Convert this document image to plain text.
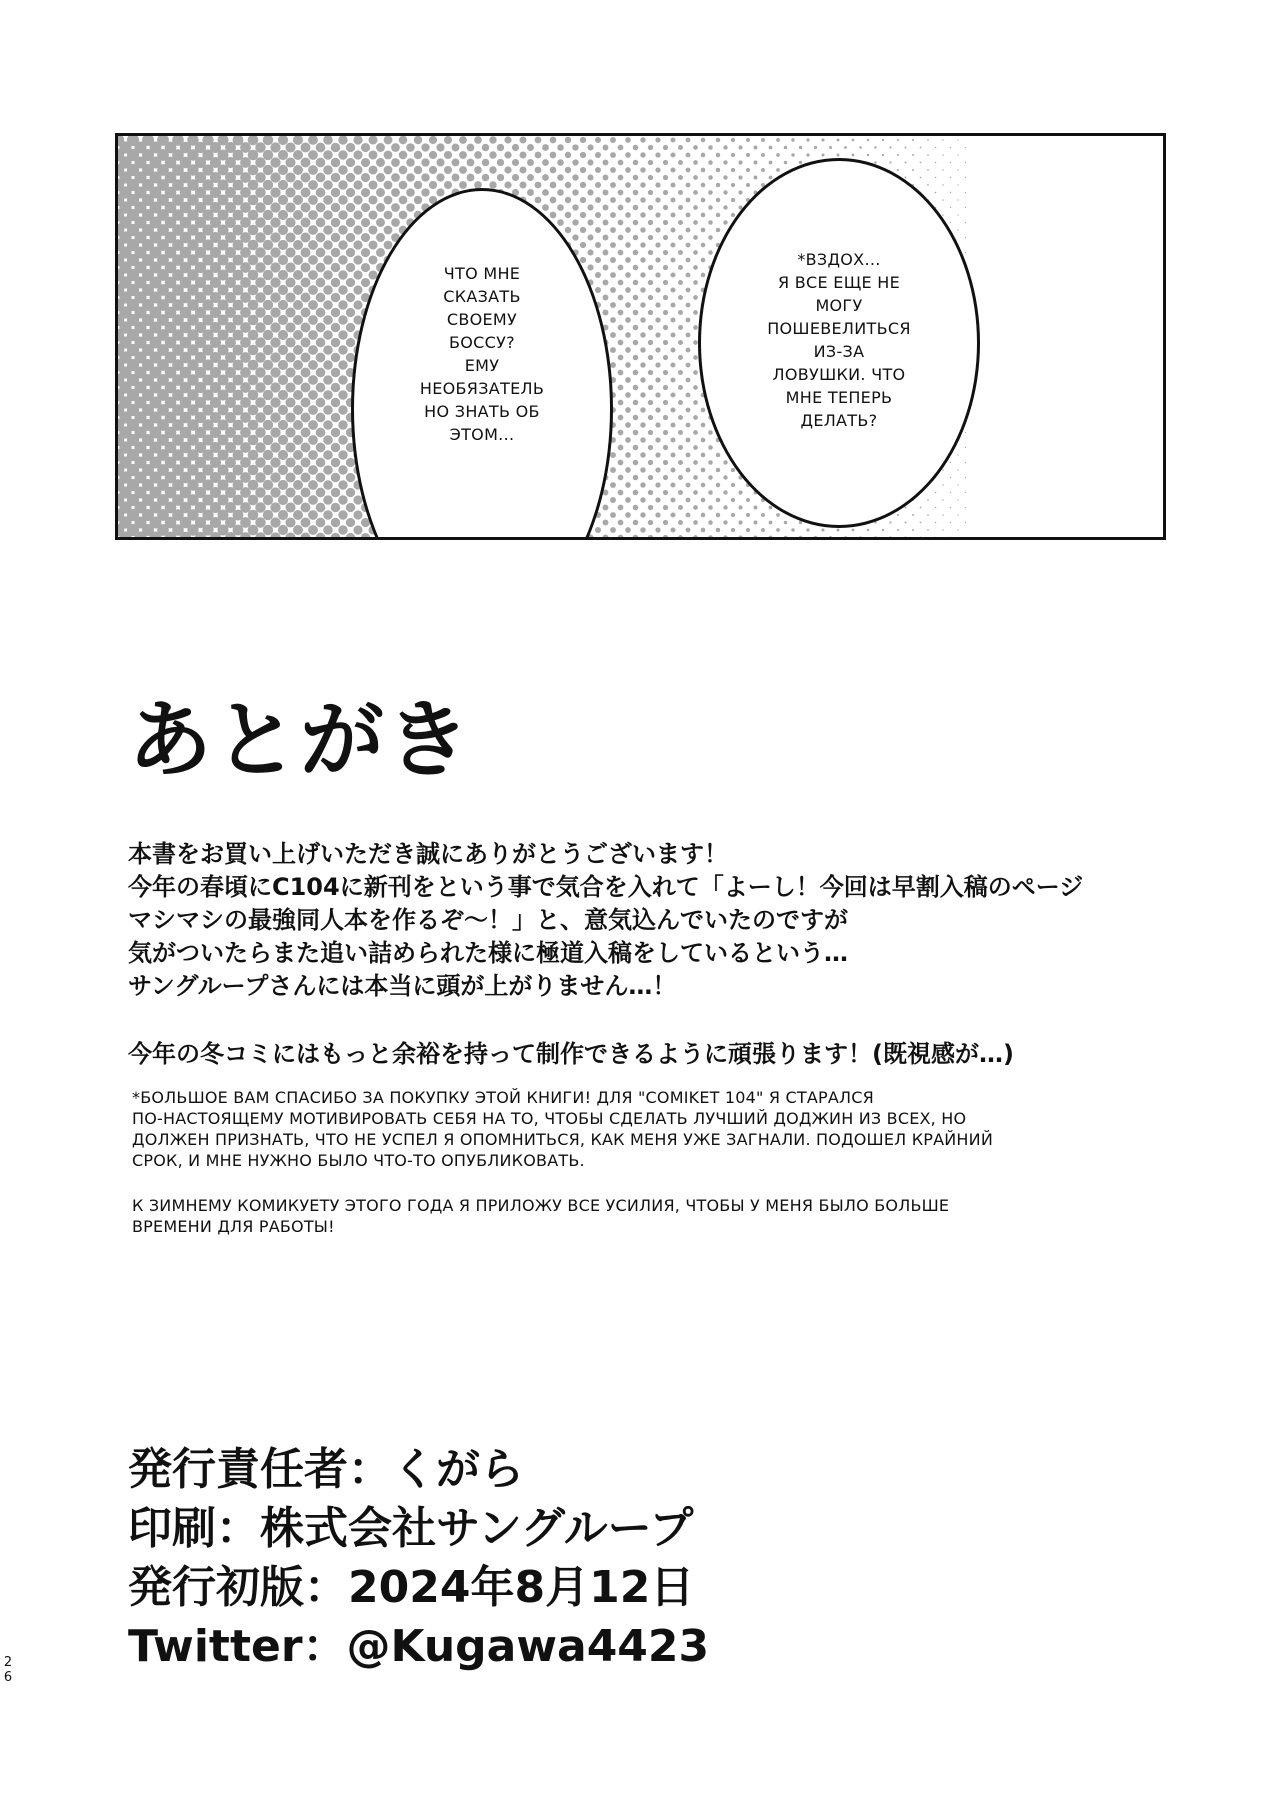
ЧТО МНЕ
СКАЗАТЬ
СВОЕМУ
БОССУ?
ЕМУ
НЕОБЯЗАТЕЛЬ
НО ЗНАТЬ ОБ
ЭТОМ...
*ВЗДОХ...
Я ВСЕ ЕЩЕ НЕ
МОГУ
ПОШЕВЕЛИТЬСЯ
ИЗ-ЗА
ЛОВУШКИ. ЧТО
МНЕ ТЕПЕРЬ
ДЕЛАТЬ?
あとがき
本書をお買い上げいただき誠にありがとうございます！
今年の春頃にC104に新刊をという事で気合を入れて「よーし！今回は早割入稿のページ
マシマシの最強同人本を作るぞ〜！」と、意気込んでいたのですが
気がついたらまた追い詰められた様に極道入稿をしているという…
サングループさんには本当に頭が上がりません…！
今年の冬コミにはもっと余裕を持って制作できるように頑張ります！(既視感が…)
*БОЛЬШОЕ ВАМ СПАСИБО ЗА ПОКУПКУ ЭТОЙ КНИГИ! ДЛЯ "COMIKET 104" Я СТАРАЛСЯ
ПО-НАСТОЯЩЕМУ МОТИВИРОВАТЬ СЕБЯ НА ТО, ЧТОБЫ СДЕЛАТЬ ЛУЧШИЙ ДОДЖИН ИЗ ВСЕХ, НО
ДОЛЖЕН ПРИЗНАТЬ, ЧТО НЕ УСПЕЛ Я ОПОМНИТЬСЯ, КАК МЕНЯ УЖЕ ЗАГНАЛИ. ПОДОШЕЛ КРАЙНИЙ
СРОК, И МНЕ НУЖНО БЫЛО ЧТО-ТО ОПУБЛИКОВАТЬ.
К ЗИМНЕМУ КОМИКУЕТУ ЭТОГО ГОДА Я ПРИЛОЖУ ВСЕ УСИЛИЯ, ЧТОБЫ У МЕНЯ БЫЛО БОЛЬШЕ
ВРЕМЕНИ ДЛЯ РАБОТЫ!
発行責任者：くがら
印刷：株式会社サングループ
発行初版：2024年8月12日
Twitter：@Kugawa4423
26
